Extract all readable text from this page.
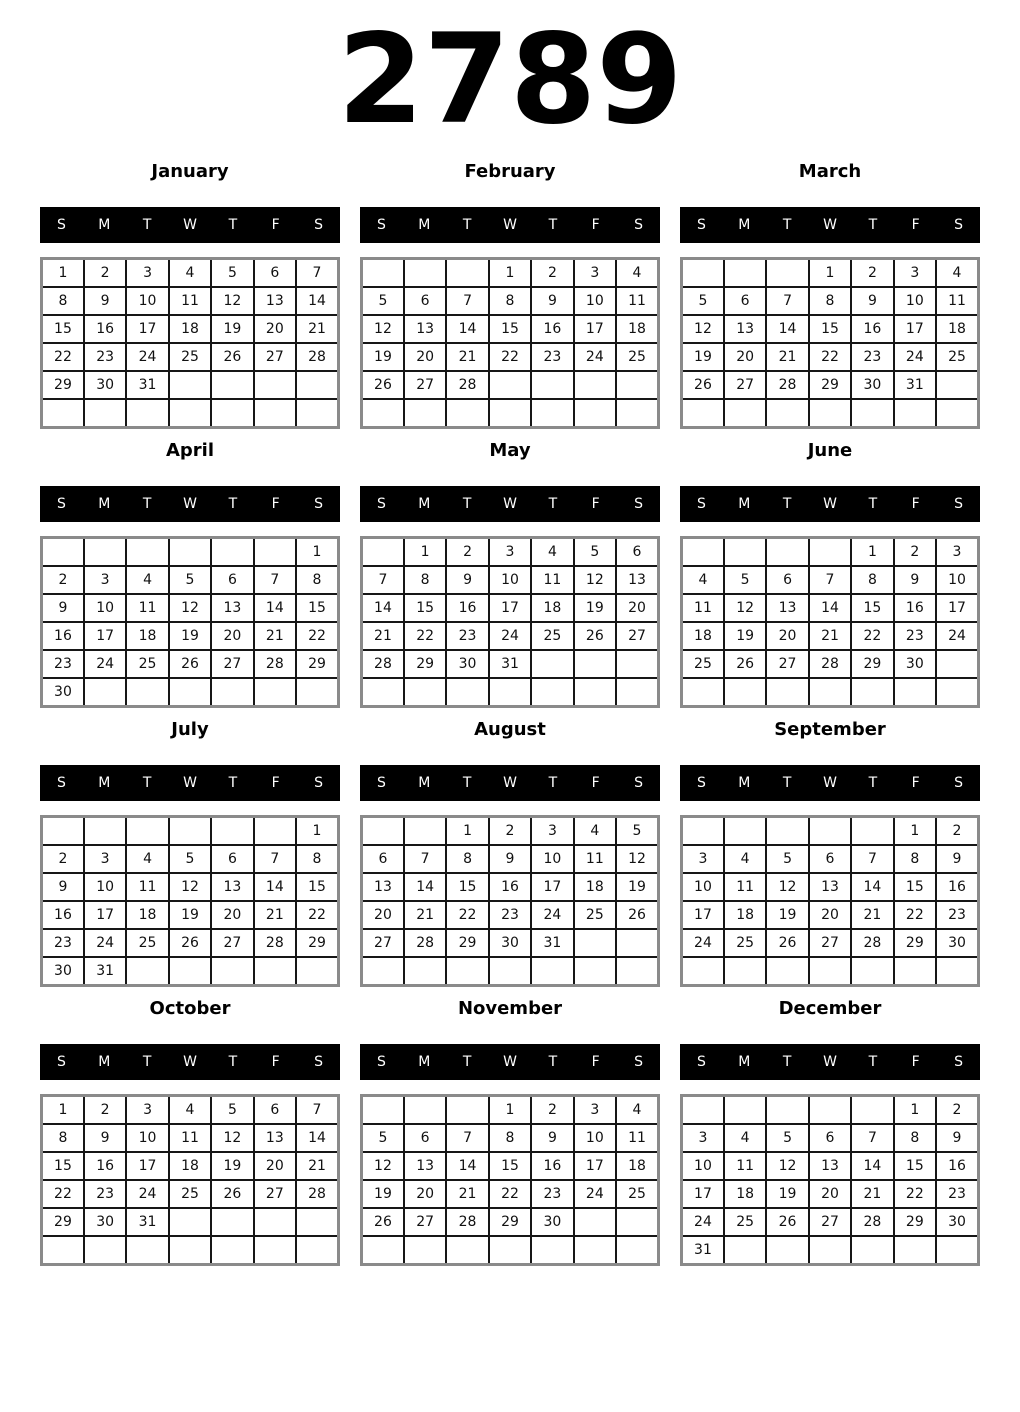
2789
January
S	M	T	W	T	F	S
1	2	3	4	5	6	7
8	9	10	11	12	13	14
15	16	17	18	19	20	21
22	23	24	25	26	27	28
29	30	31				

February
S	M	T	W	T	F	S
			1	2	3	4
5	6	7	8	9	10	11
12	13	14	15	16	17	18
19	20	21	22	23	24	25
26	27	28				

March
S	M	T	W	T	F	S
			1	2	3	4
5	6	7	8	9	10	11
12	13	14	15	16	17	18
19	20	21	22	23	24	25
26	27	28	29	30	31	

April
S	M	T	W	T	F	S
						1
2	3	4	5	6	7	8
9	10	11	12	13	14	15
16	17	18	19	20	21	22
23	24	25	26	27	28	29
30						
May
S	M	T	W	T	F	S
	1	2	3	4	5	6
7	8	9	10	11	12	13
14	15	16	17	18	19	20
21	22	23	24	25	26	27
28	29	30	31			

June
S	M	T	W	T	F	S
				1	2	3
4	5	6	7	8	9	10
11	12	13	14	15	16	17
18	19	20	21	22	23	24
25	26	27	28	29	30	

July
S	M	T	W	T	F	S
						1
2	3	4	5	6	7	8
9	10	11	12	13	14	15
16	17	18	19	20	21	22
23	24	25	26	27	28	29
30	31					
August
S	M	T	W	T	F	S
		1	2	3	4	5
6	7	8	9	10	11	12
13	14	15	16	17	18	19
20	21	22	23	24	25	26
27	28	29	30	31		

September
S	M	T	W	T	F	S
					1	2
3	4	5	6	7	8	9
10	11	12	13	14	15	16
17	18	19	20	21	22	23
24	25	26	27	28	29	30

October
S	M	T	W	T	F	S
1	2	3	4	5	6	7
8	9	10	11	12	13	14
15	16	17	18	19	20	21
22	23	24	25	26	27	28
29	30	31				

November
S	M	T	W	T	F	S
			1	2	3	4
5	6	7	8	9	10	11
12	13	14	15	16	17	18
19	20	21	22	23	24	25
26	27	28	29	30		

December
S	M	T	W	T	F	S
					1	2
3	4	5	6	7	8	9
10	11	12	13	14	15	16
17	18	19	20	21	22	23
24	25	26	27	28	29	30
31						
